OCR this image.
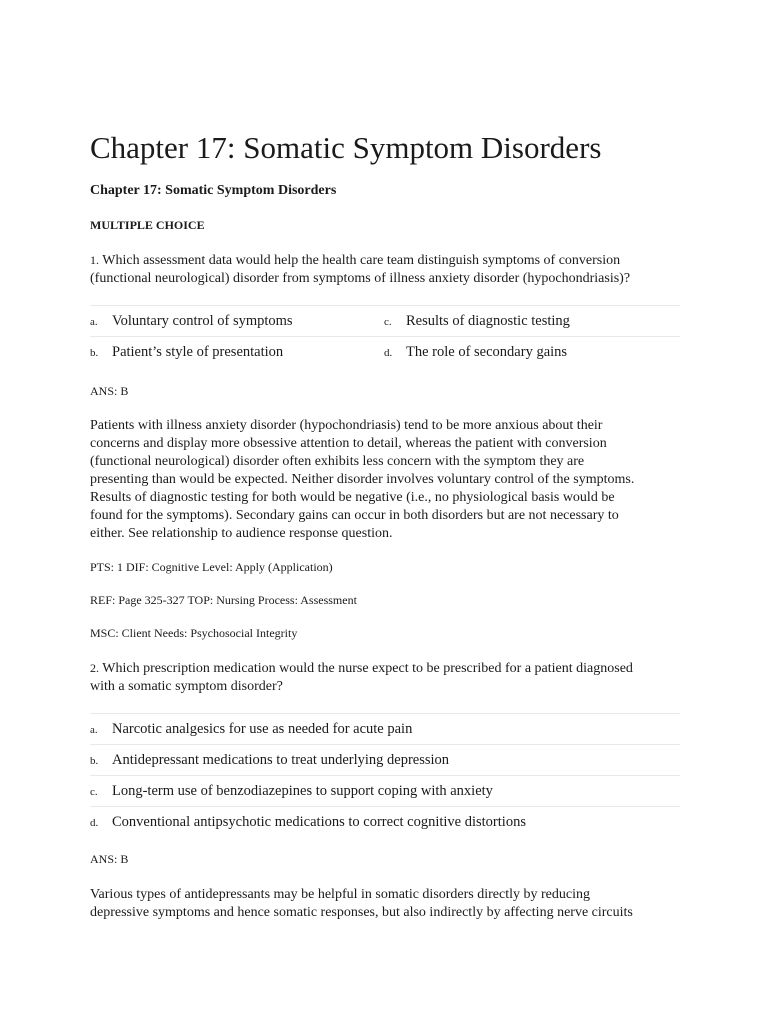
Chapter 17: Somatic Symptom Disorders
Chapter 17: Somatic Symptom Disorders
MULTIPLE CHOICE
1. Which assessment data would help the health care team distinguish symptoms of conversion
(functional neurological) disorder from symptoms of illness anxiety disorder (hypochondriasis)?
a. Voluntary control of symptoms	c. Results of diagnostic testing
b. Patient’s style of presentation	d. The role of secondary gains
ANS: B
Patients with illness anxiety disorder (hypochondriasis) tend to be more anxious about their
concerns and display more obsessive attention to detail, whereas the patient with conversion
(functional neurological) disorder often exhibits less concern with the symptom they are
presenting than would be expected. Neither disorder involves voluntary control of the symptoms.
Results of diagnostic testing for both would be negative (i.e., no physiological basis would be
found for the symptoms). Secondary gains can occur in both disorders but are not necessary to
either. See relationship to audience response question.
PTS: 1 DIF: Cognitive Level: Apply (Application)
REF: Page 325-327 TOP: Nursing Process: Assessment
MSC: Client Needs: Psychosocial Integrity
2. Which prescription medication would the nurse expect to be prescribed for a patient diagnosed
with a somatic symptom disorder?
a. Narcotic analgesics for use as needed for acute pain
b. Antidepressant medications to treat underlying depression
c. Long-term use of benzodiazepines to support coping with anxiety
d. Conventional antipsychotic medications to correct cognitive distortions
ANS: B
Various types of antidepressants may be helpful in somatic disorders directly by reducing
depressive symptoms and hence somatic responses, but also indirectly by affecting nerve circuits
